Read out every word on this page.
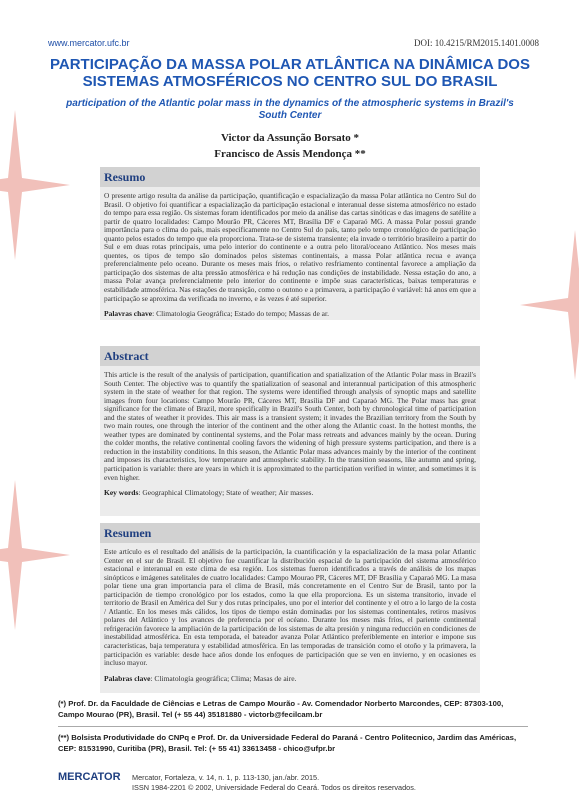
www.mercator.ufc.br	DOI: 10.4215/RM2015.1401.0008
PARTICIPAÇÃO DA MASSA POLAR ATLÂNTICA NA DINÂMICA DOS SISTEMAS ATMOSFÉRICOS NO CENTRO SUL DO BRASIL
participation of the Atlantic polar mass in the dynamics of the atmospheric systems in Brazil's South Center
Victor da Assunção Borsato *
Francisco de Assis Mendonça **
Resumo
O presente artigo resulta da análise da participação, quantificação e espacialização da massa Polar atlântica no Centro Sul do Brasil. O objetivo foi quantificar a espacialização da participação estacional e interanual desse sistema atmosférico no estado do tempo para essa região. Os sistemas foram identificados por meio da análise das cartas sinóticas e das imagens de satélite a partir de quatro localidades: Campo Mourão PR, Cáceres MT, Brasília DF e Caparaó MG. A massa Polar possui grande importância para o clima do país, mais especificamente no Centro Sul do país, tanto pelo tempo cronológico de participação quanto pelos estados do tempo que ela proporciona. Trata-se de sistema transiente; ela invade o território brasileiro a partir do Sul e em duas rotas principais, uma pelo interior do continente e a outra pelo litoral/oceano Atlântico. Nos meses mais quentes, os tipos de tempo são dominados pelos sistemas continentais, a massa Polar atlântica recua e avança preferencialmente pelo oceano. Durante os meses mais frios, o relativo resfriamento continental favorece a ampliação da participação dos sistemas de alta pressão atmosférica e há redução nas condições de instabilidade. Nessa estação do ano, a massa Polar avança preferencialmente pelo interior do continente e impõe suas características, baixas temperaturas e estabilidade atmosférica. Nas estações de transição, como o outono e a primavera, a participação é variável: há anos em que a participação se aproxima da verificada no inverno, e às vezes é até superior.
Palavras chave: Climatologia Geográfica; Estado do tempo; Massas de ar.
Abstract
This article is the result of the analysis of participation, quantification and spatialization of the Atlantic Polar mass in Brazil's South Center. The objective was to quantify the spatialization of seasonal and interannual participation of this atmospheric system in the state of weather for that region. The systems were identified through analysis of synoptic maps and satellite images from four locations: Campo Mourão PR, Cáceres MT, Brasília DF and Caparaó MG. The Polar mass has great significance for the climate of Brazil, more specifically in Brazil's South Center, both by chronological time of participation and the states of weather it provides. This air mass is a transient system; it invades the Brazilian territory from the South by two main routes, one through the interior of the continent and the other along the Atlantic coast. In the hottest months, the weather types are dominated by continental systems, and the Polar mass retreats and advances mainly by the ocean. During the colder months, the relative continental cooling favors the widening of high pressure systems participation, and there is a reduction in the instability conditions. In this season, the Atlantic Polar mass advances mainly by the interior of the continent and imposes its characteristics, low temperature and atmospheric stability. In the transition seasons, like autumn and spring, participation is variable: there are years in which it is approximated to the participation verified in winter, and sometimes it is even higher.
Key words: Geographical Climatology; State of weather; Air masses.
Resumen
Este artículo es el resultado del análisis de la participación, la cuantificación y la espacialización de la masa polar Atlantic Center en el sur de Brasil. El objetivo fue cuantificar la distribución espacial de la participación del sistema atmosférico estacional e interanual en este clima de esa región. Los sistemas fueron identificados a través de análisis de los mapas sinópticos e imágenes satelitales de cuatro localidades: Campo Mourao PR, Cáceres MT, DF Brasília y Caparaó MG. La masa polar tiene una gran importancia para el clima de Brasil, más concretamente en el Centro Sur de Brasil, tanto por la participación de tiempo cronológico por los estados, como la que ella proporciona. Es un sistema transitorio, invade el territorio de Brasil en América del Sur y dos rutas principales, uno por el interior del continente y el otro a lo largo de la costa / Atlantic. En los meses más cálidos, los tipos de tiempo están dominadas por los sistemas continentales, retiros masivos polares del Atlántico y los avances de preferencia por el océano. Durante los meses más fríos, el pariente continental refrigeración favorece la ampliación de la participación de los sistemas de alta presión y ninguna reducción en condiciones de inestabilidad atmosférica. En esta temporada, el bateador avanza Polar Atlántico preferiblemente en interior e impone sus características, baja temperatura y estabilidad atmosférica. En las temporadas de transición como el otoño y la primavera, la participación es variable: desde hace años donde los enfoques de participación que se ven en invierno, y en ocasiones es incluso mayor.
Palabras clave: Climatología geográfica; Clima; Masas de aire.
(*) Prof. Dr. da Faculdade de Ciências e Letras de Campo Mourão - Av. Comendador Norberto Marcondes, CEP: 87303-100, Campo Mourao (PR), Brasil. Tel (+ 55 44) 35181880 - victorb@fecilcam.br
(**) Bolsista Produtividade do CNPq e Prof. Dr. da Universidade Federal do Paraná - Centro Politecnico, Jardim das Américas, CEP: 81531990, Curitiba (PR), Brasil. Tel: (+ 55 41) 33613458 - chico@ufpr.br
MERCATOR Mercator, Fortaleza, v. 14, n. 1, p. 113-130, jan./abr. 2015.
ISSN 1984-2201 © 2002, Universidade Federal do Ceará. Todos os direitos reservados.
